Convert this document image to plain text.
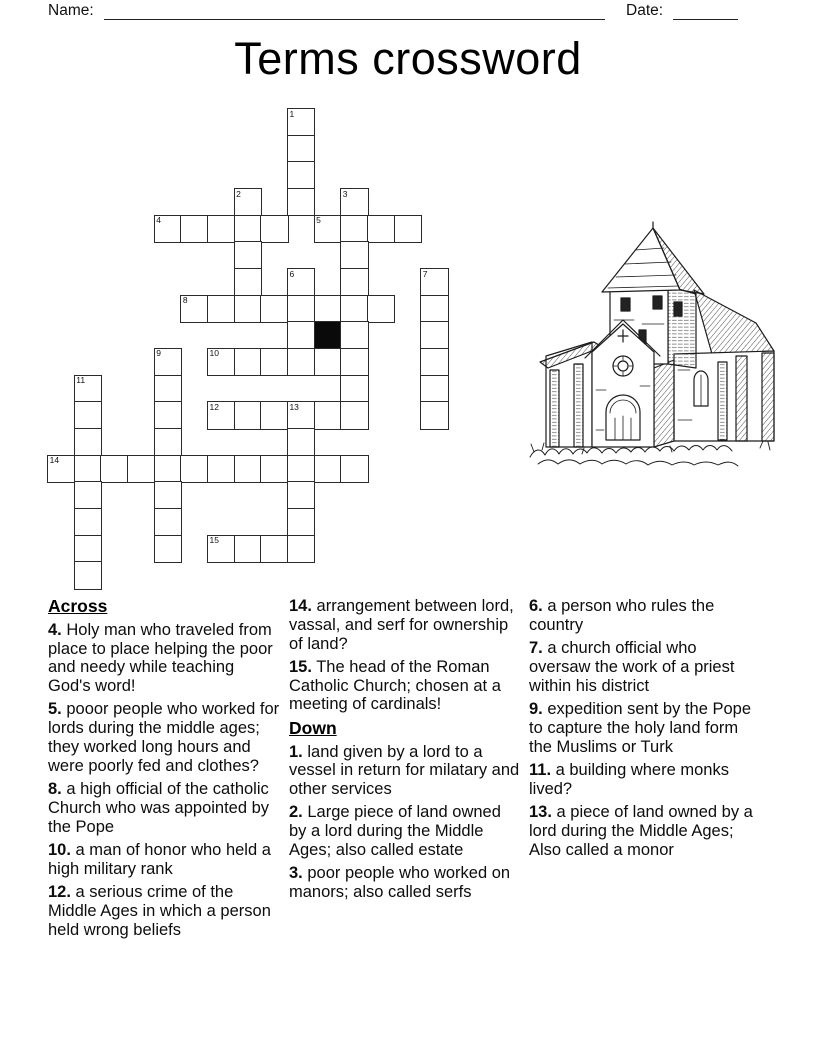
Name:	Date:
Terms crossword
1
2	3
4	5
6	7
8
9	10
11
12	13
14
15
Across

4. Holy man who traveled from place to place helping the poor and needy while teaching God's word!

5. pooor people who worked for lords during the middle ages; they worked long hours and were poorly fed and clothes?

8. a high official of the catholic Church who was appointed by the Pope

10. a man of honor who held a high military rank

12. a serious crime of the Middle Ages in which a person held wrong beliefs

14. arrangement between lord, vassal, and serf for ownership of land?

15. The head of the Roman Catholic Church; chosen at a meeting of cardinals!

Down

1. land given by a lord to a vessel in return for milatary and other services

2. Large piece of land owned by a lord during the Middle Ages; also called estate

3. poor people who worked on manors; also called serfs

6. a person who rules the country

7. a church official who oversaw the work of a priest within his district

9. expedition sent by the Pope to capture the holy land form the Muslims or Turk

11. a building where monks lived?

13. a piece of land owned by a lord during the Middle Ages; Also called a monor
